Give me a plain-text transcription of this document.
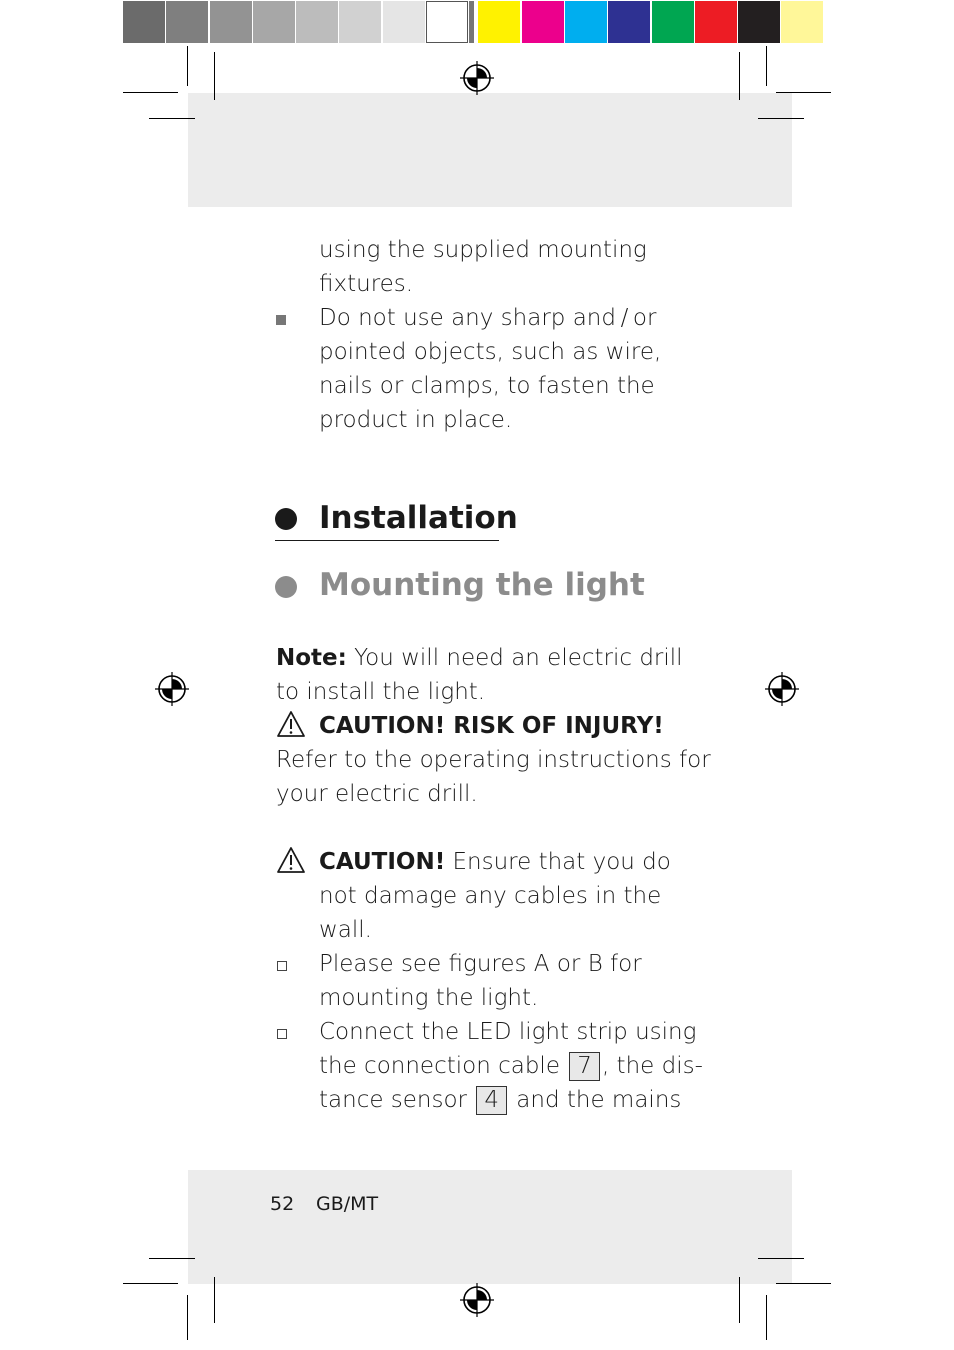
using the supplied mounting
fixtures.
Do not use any sharp and / or
pointed objects, such as wire,
nails or clamps, to fasten the
product in place.
Installation
Mounting the light
Note: You will need an electric drill
to install the light.
CAUTION! RISK OF INJURY!
Refer to the operating instructions for
your electric drill.
CAUTION! Ensure that you do
not damage any cables in the
wall.
Please see figures A or B for
mounting the light.
Connect the LED light strip using
the connection cable 7 , the dis-
tance sensor 4 and the mains
52 GB/MT
